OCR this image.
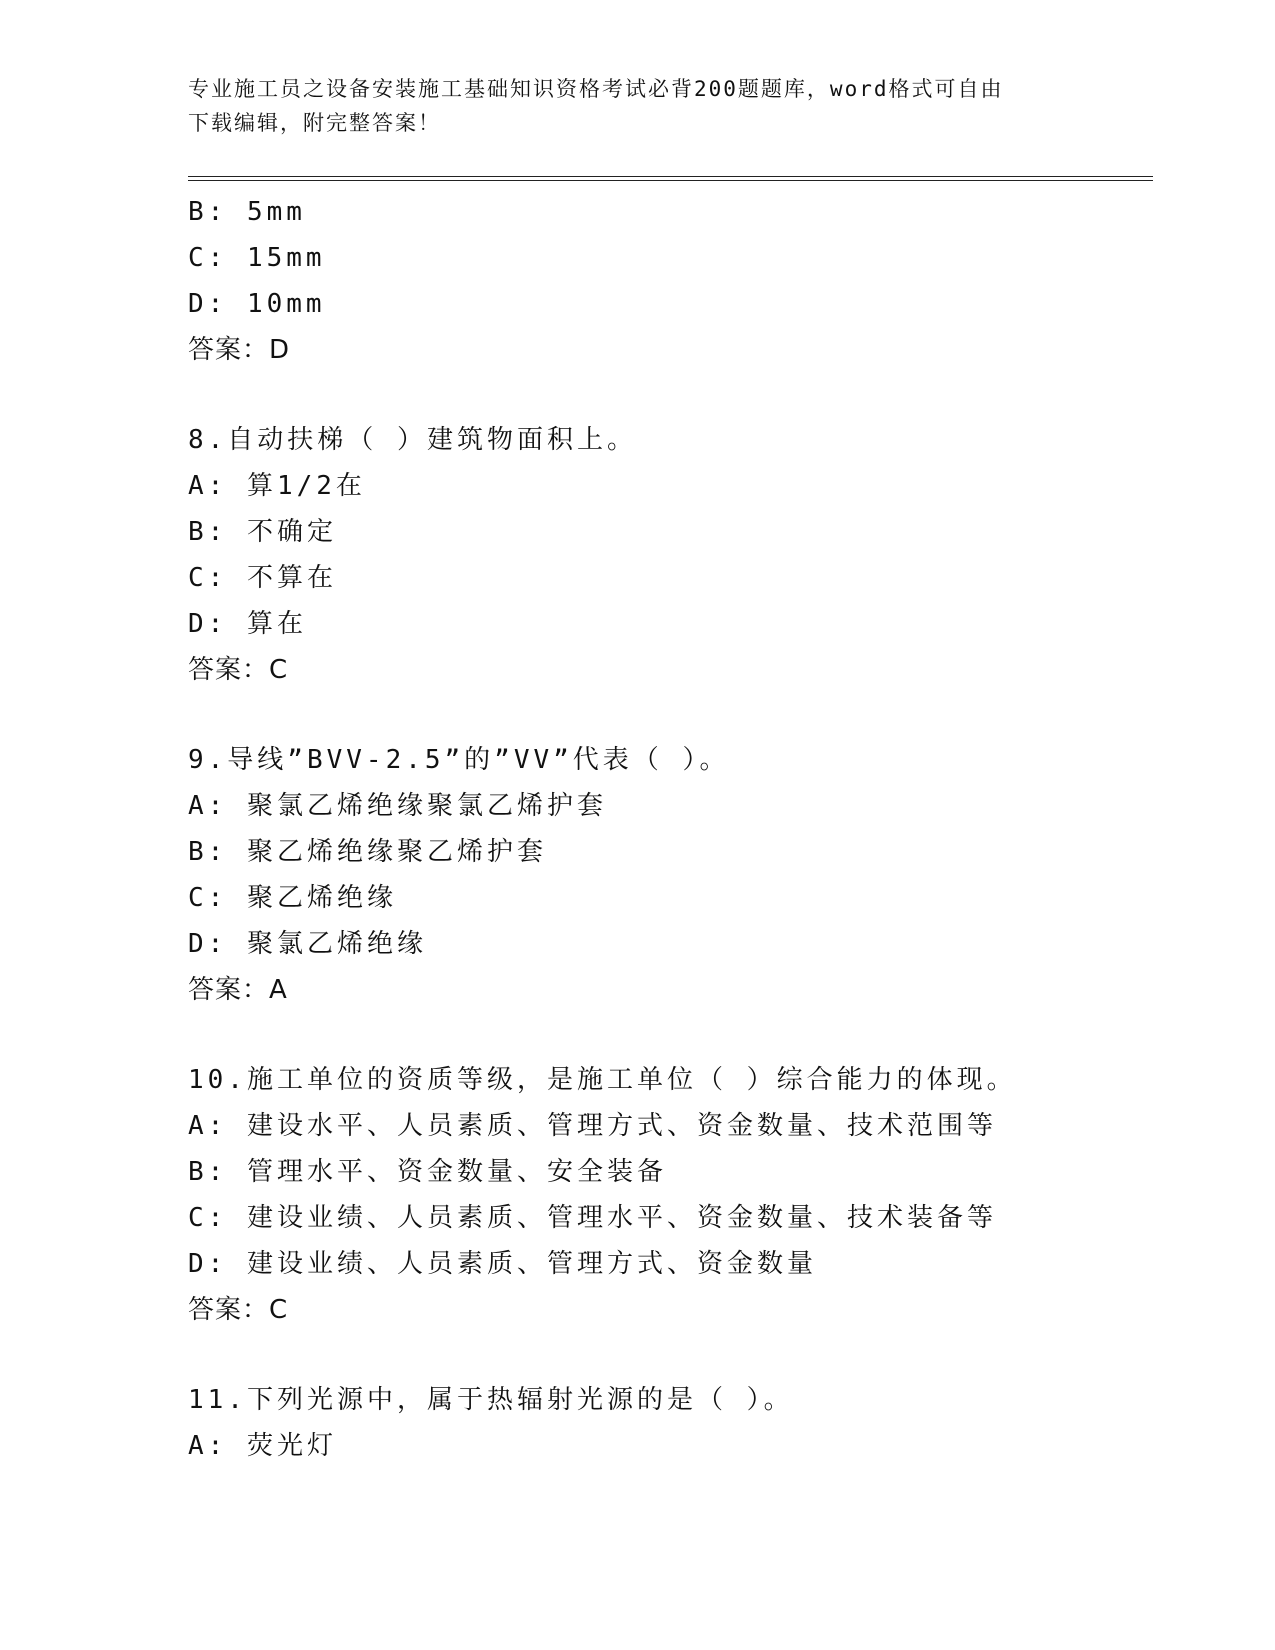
专业施工员之设备安装施工基础知识资格考试必背200题题库，word格式可自由
下载编辑，附完整答案！
B: 5mm
C: 15mm
D: 10mm
答案：D
8.自动扶梯（ ）建筑物面积上。
A: 算1/2在
B: 不确定
C: 不算在
D: 算在
答案：C
9.导线”BVV-2.5”的”VV”代表（ ）。
A: 聚氯乙烯绝缘聚氯乙烯护套
B: 聚乙烯绝缘聚乙烯护套
C: 聚乙烯绝缘
D: 聚氯乙烯绝缘
答案：A
10.施工单位的资质等级，是施工单位（ ）综合能力的体现。
A: 建设水平、人员素质、管理方式、资金数量、技术范围等
B: 管理水平、资金数量、安全装备
C: 建设业绩、人员素质、管理水平、资金数量、技术装备等
D: 建设业绩、人员素质、管理方式、资金数量
答案：C
11.下列光源中，属于热辐射光源的是（ ）。
A: 荧光灯
